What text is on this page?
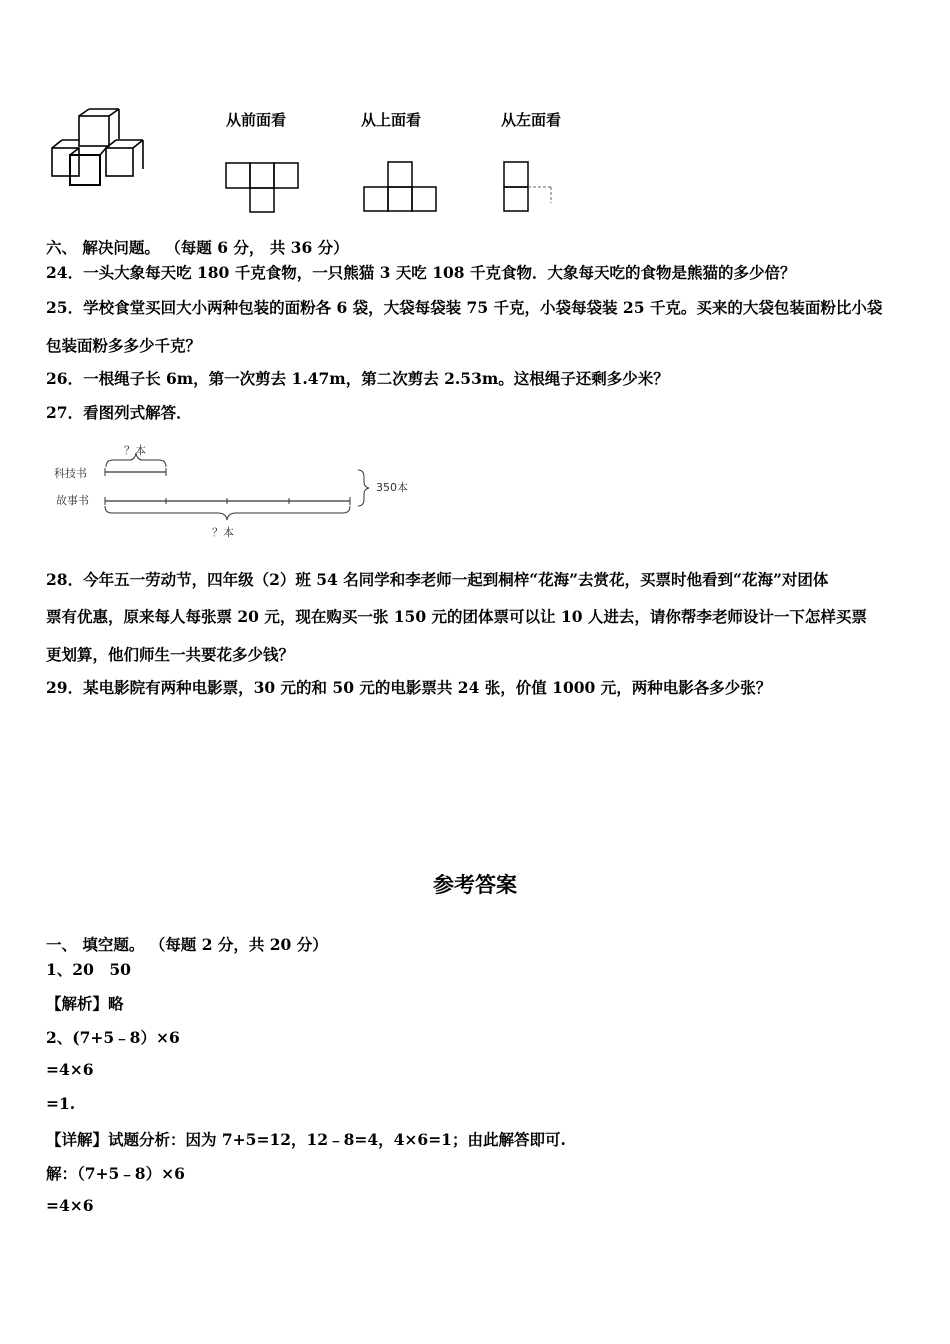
从前面看	从上面看	从左面看
六、 解决问题。 （每题 6 分， 共 36 分）
24．一头大象每天吃 180 千克食物，一只熊猫 3 天吃 108 千克食物．大象每天吃的食物是熊猫的多少倍？
25．学校食堂买回大小两种包装的面粉各 6 袋，大袋每袋装 75 千克，小袋每袋装 25 千克。买来的大袋包装面粉比小袋
包装面粉多多少千克？
26．一根绳子长 6m，第一次剪去 1.47m，第二次剪去 2.53m。这根绳子还剩多少米？
27．看图列式解答．
科技书
故事书
？本
？本
350本
28．今年五一劳动节，四年级（2）班 54 名同学和李老师一起到桐梓“花海”去赏花，买票时他看到“花海”对团体
票有优惠，原来每人每张票 20 元，现在购买一张 150 元的团体票可以让 10 人进去，请你帮李老师设计一下怎样买票
更划算，他们师生一共要花多少钱？
29．某电影院有两种电影票，30 元的和 50 元的电影票共 24 张，价值 1000 元，两种电影各多少张？
参考答案
一、 填空题。 （每题 2 分，共 20 分）
1、20　50
【解析】略
2、(7+5﹣8）×6
=4×6
=1.
【详解】试题分析：因为 7+5=12，12﹣8=4，4×6=1；由此解答即可.
解：（7+5﹣8）×6
=4×6
